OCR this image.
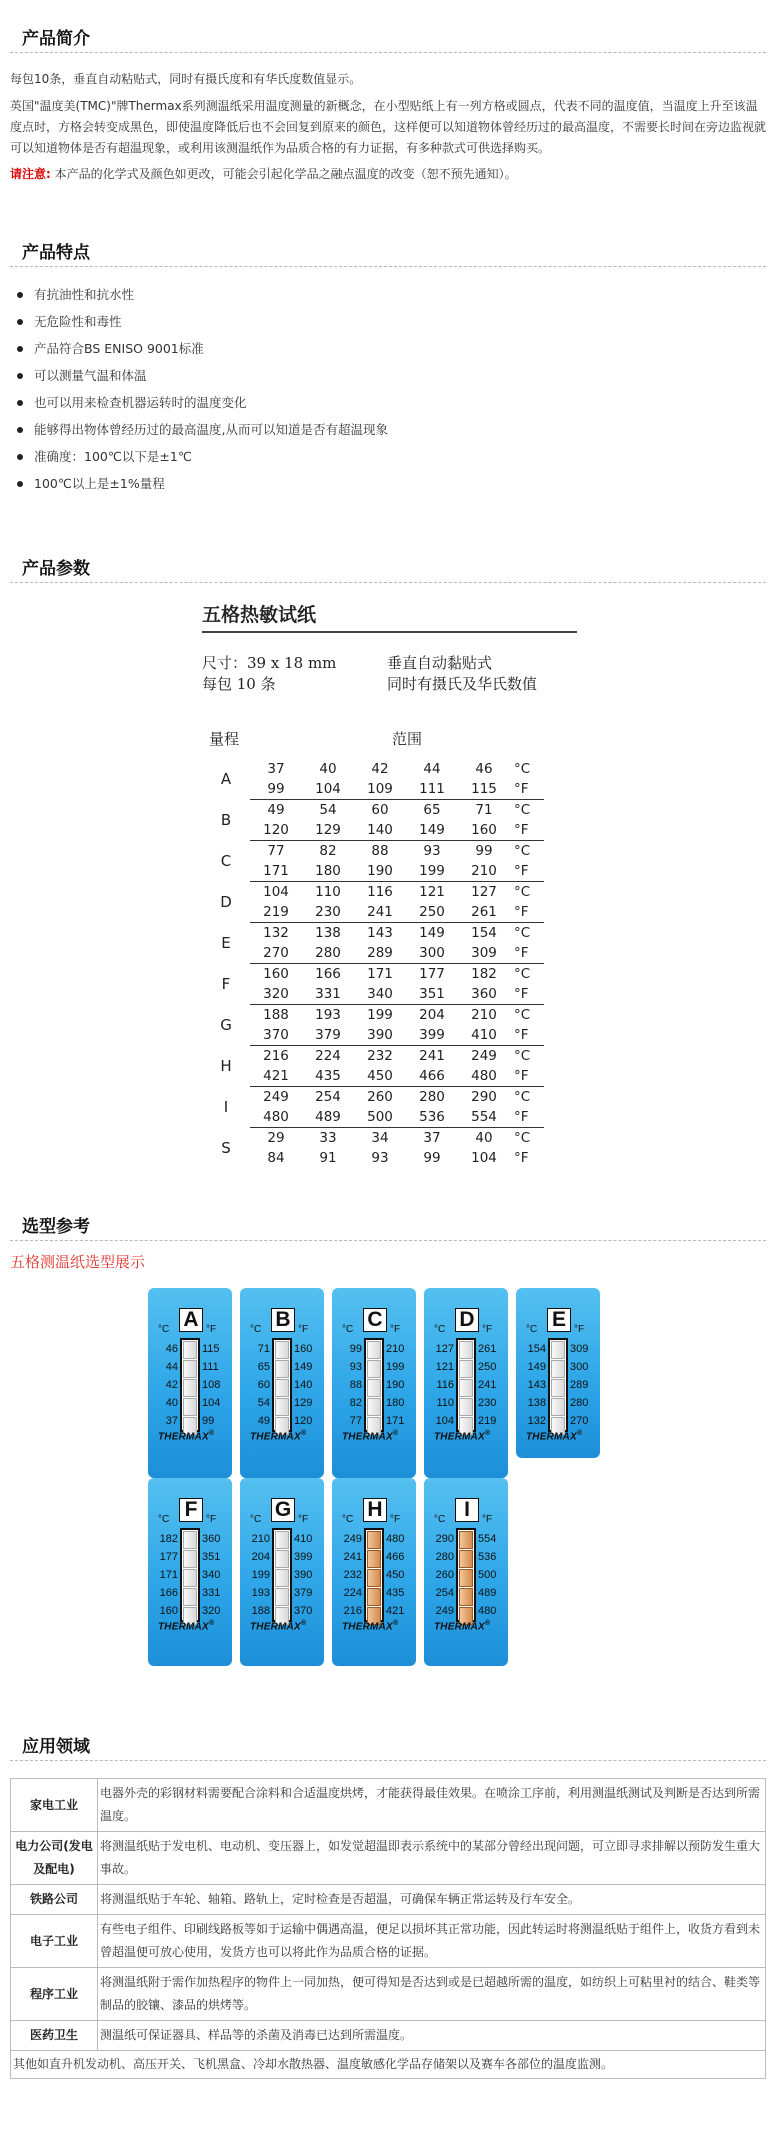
产品简介
每包10条，垂直自动粘贴式，同时有摄氏度和有华氏度数值显示。
英国"温度美(TMC)"牌Thermax系列测温纸采用温度测量的新概念，在小型贴纸上有一列方格或圆点，代表不同的温度值，当温度上升至该温度点时，方格会转变成黑色，即使温度降低后也不会回复到原来的颜色，这样便可以知道物体曾经历过的最高温度，不需要长时间在旁边监视就可以知道物体是否有超温现象，或利用该测温纸作为品质合格的有力证据，有多种款式可供选择购买。
请注意: 本产品的化学式及颜色如更改，可能会引起化学品之融点温度的改变（恕不预先通知）。
产品特点
有抗油性和抗水性
无危险性和毒性
产品符合BS ENISO 9001标准
可以测量气温和体温
也可以用来检查机器运转时的温度变化
能够得出物体曾经历过的最高温度,从而可以知道是否有超温现象
准确度：100℃以下是±1℃
100℃以上是±1%量程
产品参数
五格热敏试纸
尺寸：39 x 18 mm
每包 10 条
垂直自动黏贴式
同时有摄氏及华氏数值
量程	范围
A	37	40	42	44	46	°C
	99	104	109	111	115	°F
B	49	54	60	65	71	°C
	120	129	140	149	160	°F
C	77	82	88	93	99	°C
	171	180	190	199	210	°F
D	104	110	116	121	127	°C
	219	230	241	250	261	°F
E	132	138	143	149	154	°C
	270	280	289	300	309	°F
F	160	166	171	177	182	°C
	320	331	340	351	360	°F
G	188	193	199	204	210	°C
	370	379	390	399	410	°F
H	216	224	232	241	249	°C
	421	435	450	466	480	°F
I	249	254	260	280	290	°C
	480	489	500	536	554	°F
S	29	33	34	37	40	°C
	84	91	93	99	104	°F
选型参考
五格测温纸选型展示
A
°C	°F
46
44
42
40
37
115
111
108
104
99
THERMAX®
B
°C	°F
71
65
60
54
49
160
149
140
129
120
THERMAX®
C
°C	°F
99
93
88
82
77
210
199
190
180
171
THERMAX®
D
°C	°F
127
121
116
110
104
261
250
241
230
219
THERMAX®
E
°C	°F
154
149
143
138
132
309
300
289
280
270
THERMAX®
F
°C	°F
182
177
171
166
160
360
351
340
331
320
THERMAX®
G
°C	°F
210
204
199
193
188
410
399
390
379
370
THERMAX®
H
°C	°F
249
241
232
224
216
480
466
450
435
421
THERMAX®
I
°C	°F
290
280
260
254
249
554
536
500
489
480
THERMAX®
应用领域
家电工业	电器外壳的彩钢材料需要配合涂料和合适温度烘烤，才能获得最佳效果。在喷涂工序前，利用测温纸测试及判断是否达到所需温度。
电力公司(发电及配电)	将测温纸贴于发电机、电动机、变压器上，如发觉超温即表示系统中的某部分曾经出现问题，可立即寻求排解以预防发生重大事故。
铁路公司	将测温纸贴于车轮、轴箱、路轨上，定时检查是否超温，可确保车辆正常运转及行车安全。
电子工业	有些电子组件、印刷线路板等如于运输中偶遇高温，便足以损坏其正常功能，因此转运时将测温纸贴于组件上，收货方看到未曾超温便可放心使用，发货方也可以将此作为品质合格的证据。
程序工业	将测温纸附于需作加热程序的物件上一同加热，便可得知是否达到或是已超越所需的温度，如纺织上可粘里衬的结合、鞋类等制品的胶镶、漆品的烘烤等。
医药卫生	测温纸可保证器具、样品等的杀菌及消毒已达到所需温度。
其他如直升机发动机、高压开关、飞机黑盒、冷却水散热器、温度敏感化学品存储架以及赛车各部位的温度监测。	
